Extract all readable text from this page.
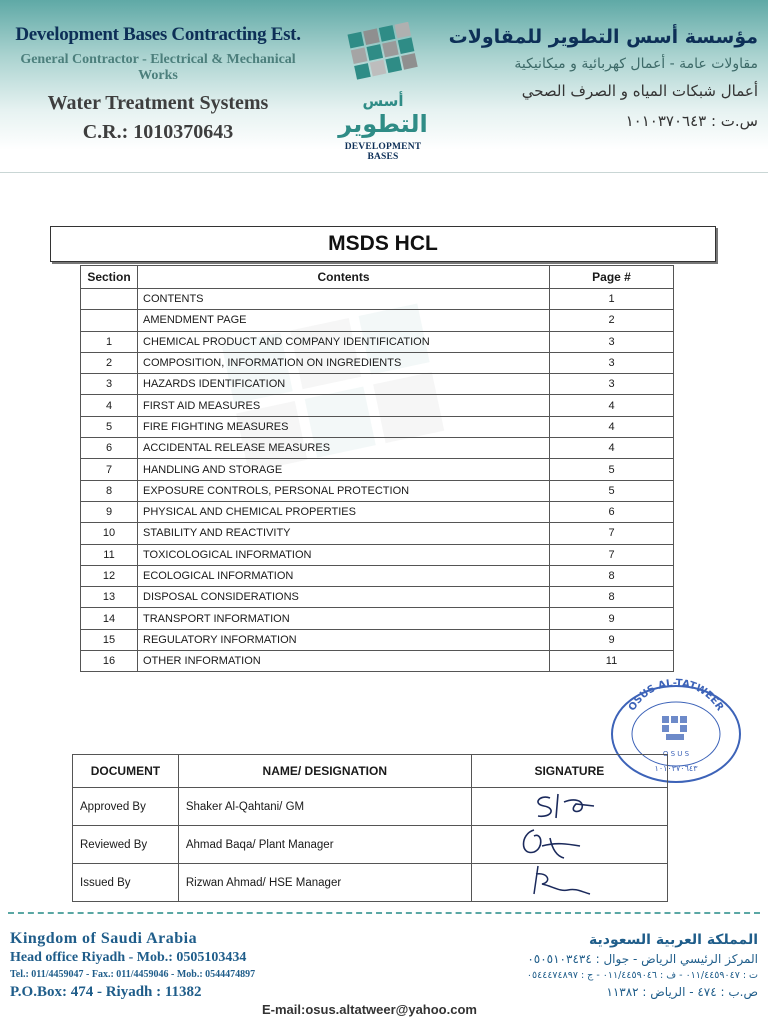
Development Bases Contracting Est.
General Contractor - Electrical & Mechanical Works
Water Treatment Systems
C.R.: 1010370643
أسس
التطوير
DEVELOPMENT BASES
مؤسسة أسس التطوير للمقاولات
مقاولات عامة - أعمال كهربائية و ميكانيكية
أعمال شبكات المياه و الصرف الصحي
س.ت : ١٠١٠٣٧٠٦٤٣
MSDS HCL
Section	Contents	Page #
	CONTENTS	1
	AMENDMENT PAGE	2
1	CHEMICAL PRODUCT AND COMPANY IDENTIFICATION	3
2	COMPOSITION, INFORMATION ON INGREDIENTS	3
3	HAZARDS IDENTIFICATION	3
4	FIRST AID MEASURES	4
5	FIRE FIGHTING MEASURES	4
6	ACCIDENTAL RELEASE MEASURES	4
7	HANDLING AND STORAGE	5
8	EXPOSURE CONTROLS, PERSONAL PROTECTION	5
9	PHYSICAL AND CHEMICAL PROPERTIES	6
10	STABILITY AND REACTIVITY	7
11	TOXICOLOGICAL INFORMATION	7
12	ECOLOGICAL INFORMATION	8
13	DISPOSAL CONSIDERATIONS	8
14	TRANSPORT INFORMATION	9
15	REGULATORY INFORMATION	9
16	OTHER INFORMATION	11
OSUS AL-TATWEER
O S U S
١٠١٠٣٧٠٦٤٣
DOCUMENT	NAME/ DESIGNATION	SIGNATURE
Approved By	Shaker Al-Qahtani/ GM	
Reviewed By	Ahmad Baqa/ Plant Manager	
Issued By	Rizwan Ahmad/ HSE Manager	
Kingdom of Saudi Arabia
Head office Riyadh - Mob.: 0505103434
Tel.: 011/4459047 - Fax.: 011/4459046 - Mob.: 0544474897
P.O.Box: 474 - Riyadh : 11382
المملكة العربية السعودية
المركز الرئيسي الرياض - جوال : ٠٥٠٥١٠٣٤٣٤
ت : ٠١١/٤٤٥٩٠٤٧ - ف : ٠١١/٤٤٥٩٠٤٦ - ج : ٠٥٤٤٤٧٤٨٩٧
ص.ب : ٤٧٤ - الرياض : ١١٣٨٢
E-mail:osus.altatweer@yahoo.com
